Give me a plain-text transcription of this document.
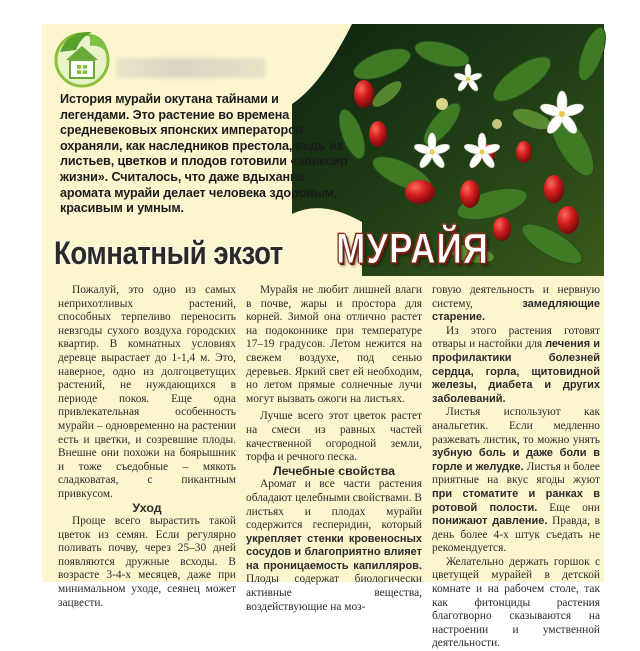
История мурайи окутана тайнами и легендами. Это растение во времена средневековых японских императоров охраняли, как наследников престола, ведь из листьев, цветков и плодов готовили «эликсир жизни». Считалось, что даже вдыхание аромата мурайи делает человека здоровым, красивым и умным.
Комнатный экзот МУРАЙЯ

Пожалуй, это одно из самых неприхотливых растений, способных терпеливо переносить невзгоды сухого воздуха городских квартир. В комнатных условиях деревце вырастает до 1-1,4 м. Это, наверное, одно из долгоцветущих растений, не нуждающихся в периоде покоя. Еще одна привлекательная особенность мурайи – одновременно на растении есть и цветки, и созревшие плоды. Внешне они похожи на боярышник и тоже съедобные – мякоть сладковатая, с пикантным привкусом.

Уход

Проще всего вырастить такой цветок из семян. Если регулярно поливать почву, через 25–30 дней появляются дружные всходы. В возрасте 3-4-х месяцев, даже при минимальном уходе, сеянец может зацвести.

Мурайя не любит лишней влаги в почве, жары и простора для корней. Зимой она отлично растет на подоконнике при температуре 17–19 градусов. Летом нежится на свежем воздухе, под сенью деревьев. Яркий свет ей необходим, но летом прямые солнечные лучи могут вызвать ожоги на листьях.

Лучше всего этот цветок растет на смеси из равных частей качественной огородной земли, торфа и речного песка.

Лечебные свойства

Аромат и все части растения обладают целебными свойствами. В листьях и плодах мурайи содержится гесперидин, который укрепляет стенки кровеносных сосудов и благоприятно влияет на проницаемость капилляров. Плоды содержат биологически активные вещества, воздействующие на моз-

говую деятельность и нервную систему, замедляющие старение.

Из этого растения готовят отвары и настойки для лечения и профилактики болезней сердца, горла, щитовидной железы, диабета и других заболеваний.

Листья используют как анальгетик. Если медленно разжевать листик, то можно унять зубную боль и даже боли в горле и желудке. Листья и более приятные на вкус ягоды жуют при стоматите и ранках в ротовой полости. Еще они понижают давление. Правда, в день более 4-х штук съедать не рекомендуется.

Желательно держать горшок с цветущей мурайей в детской комнате и на рабочем столе, так как фитонциды растения благотворно сказываются на настроении и умственной деятельности.
